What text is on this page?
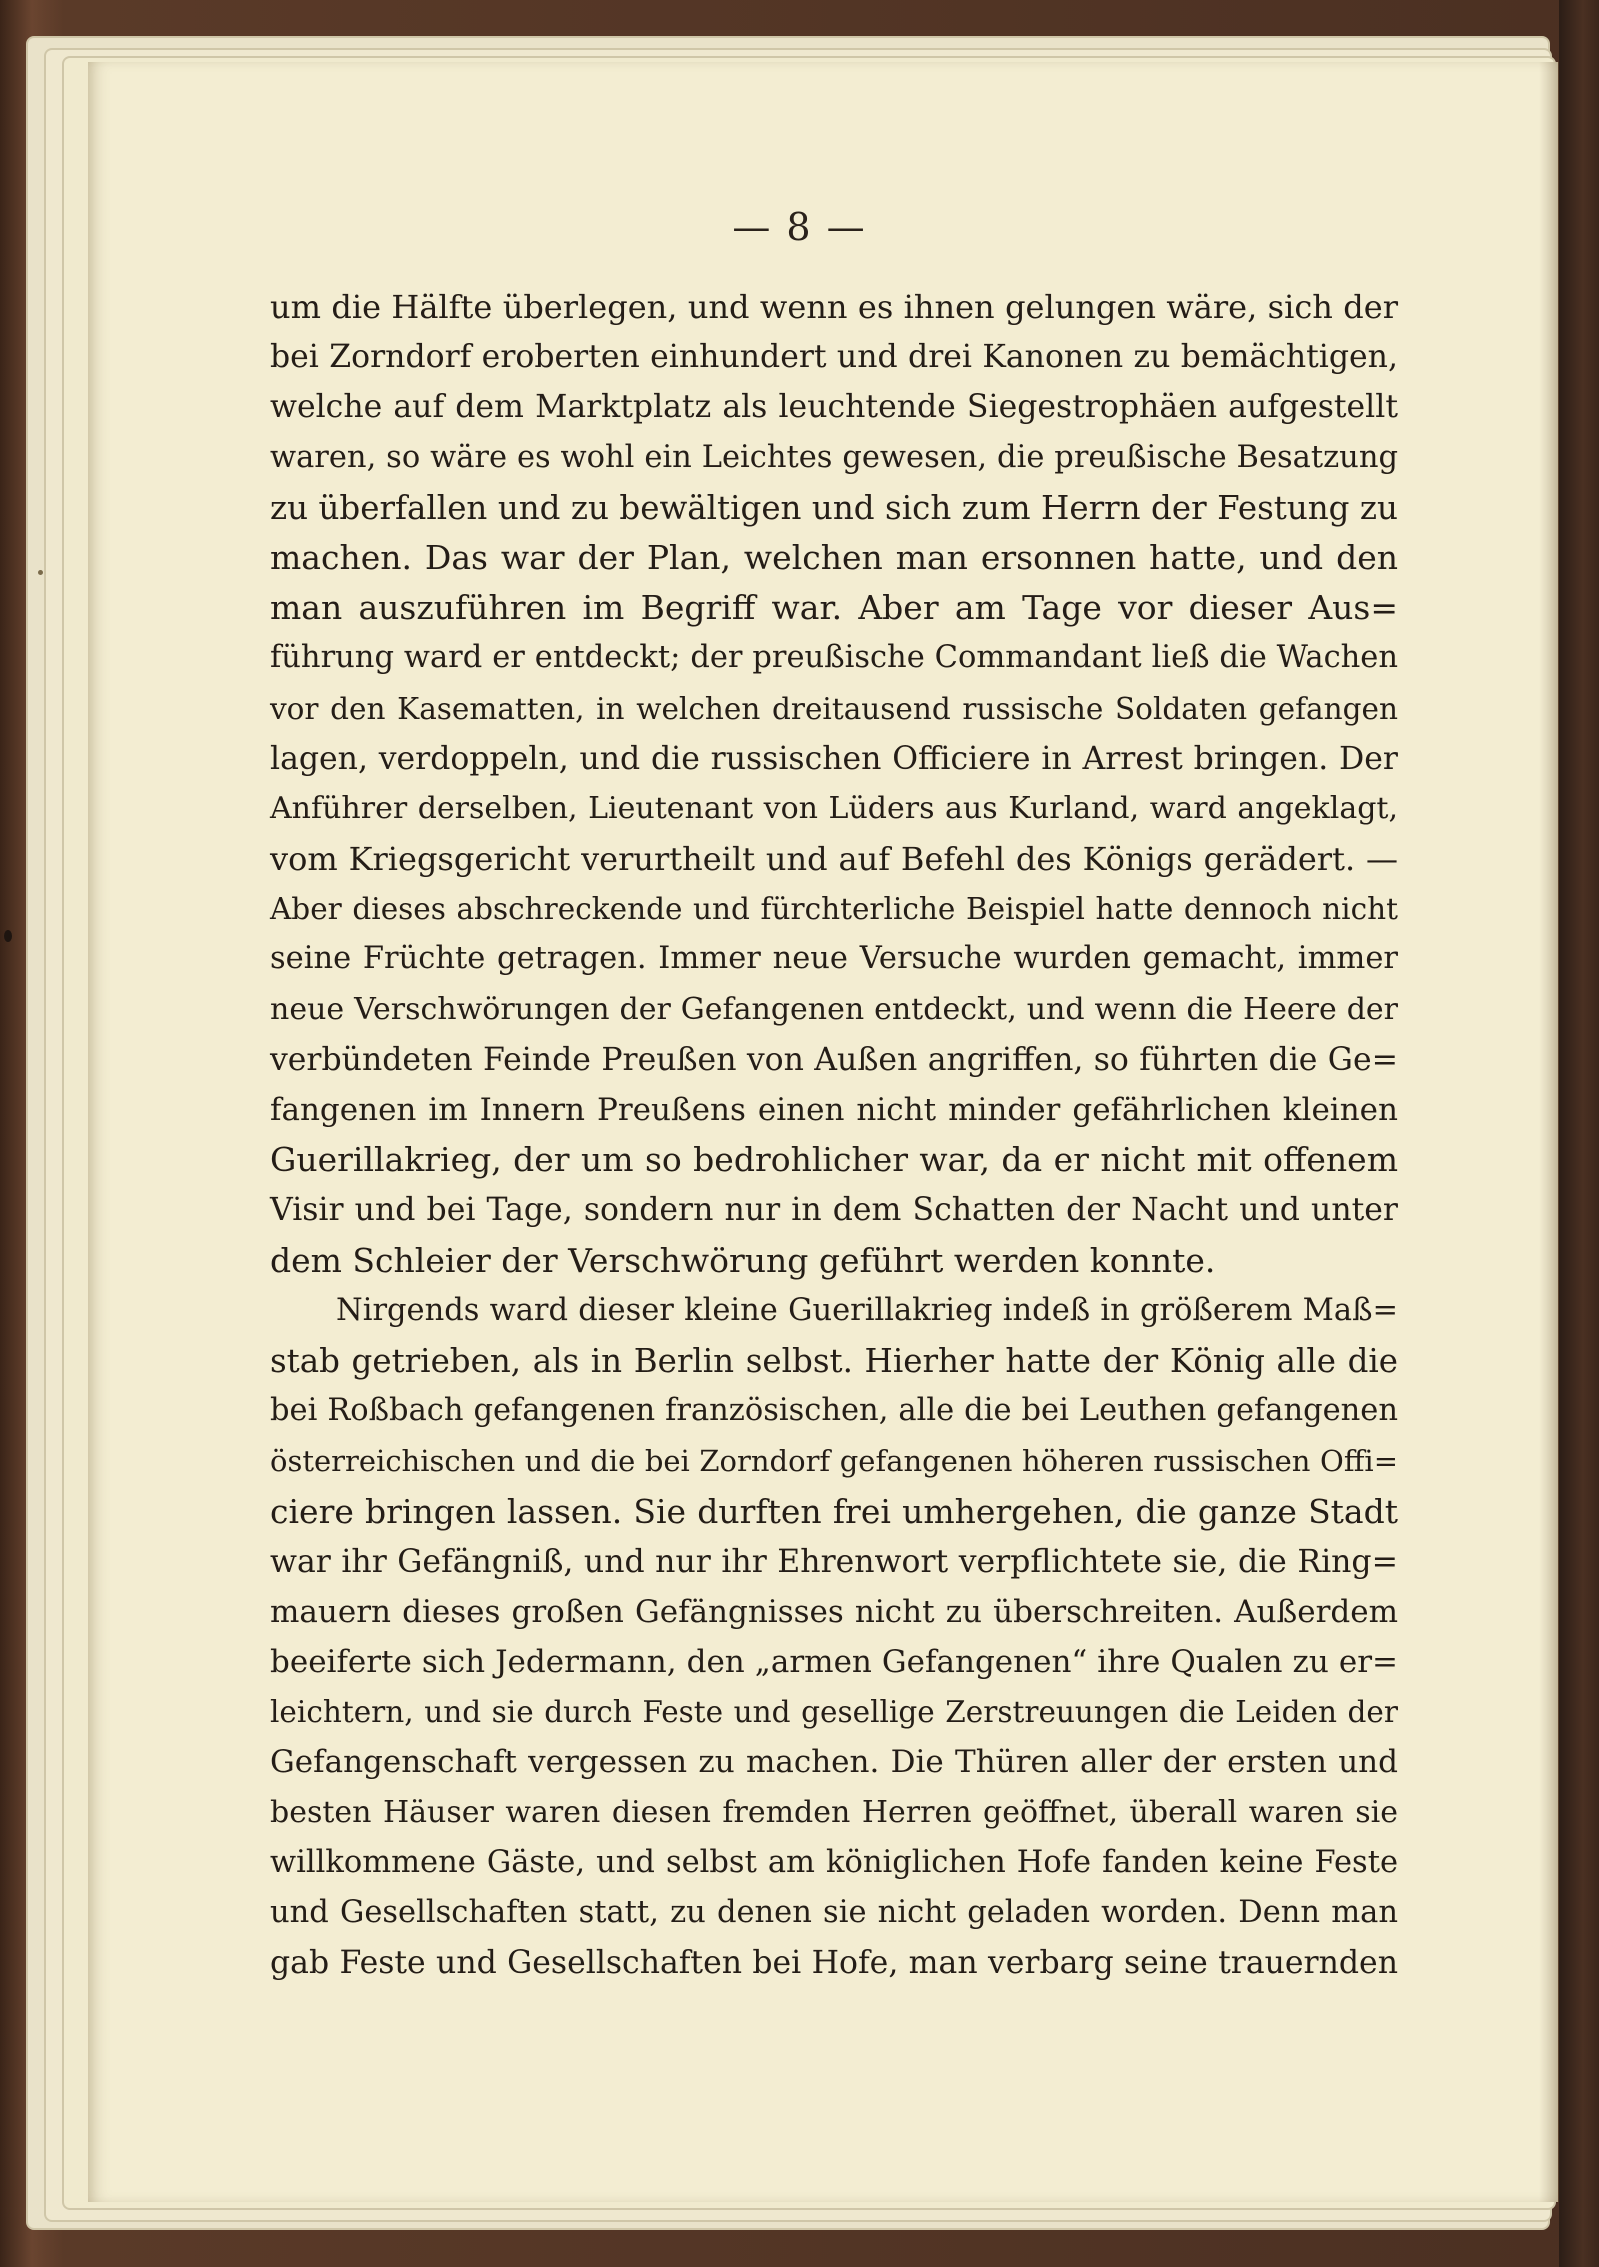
— 8 —
um die Hälfte überlegen, und wenn es ihnen gelungen wäre, sich der
bei Zorndorf eroberten einhundert und drei Kanonen zu bemächtigen,
welche auf dem Marktplatz als leuchtende Siegestrophäen aufgestellt
waren, so wäre es wohl ein Leichtes gewesen, die preußische Besatzung
zu überfallen und zu bewältigen und sich zum Herrn der Festung zu
machen. Das war der Plan, welchen man ersonnen hatte, und den
man auszuführen im Begriff war. Aber am Tage vor dieser Aus=
führung ward er entdeckt; der preußische Commandant ließ die Wachen
vor den Kasematten, in welchen dreitausend russische Soldaten gefangen
lagen, verdoppeln, und die russischen Officiere in Arrest bringen. Der
Anführer derselben, Lieutenant von Lüders aus Kurland, ward angeklagt,
vom Kriegsgericht verurtheilt und auf Befehl des Königs gerädert. —
Aber dieses abschreckende und fürchterliche Beispiel hatte dennoch nicht
seine Früchte getragen. Immer neue Versuche wurden gemacht, immer
neue Verschwörungen der Gefangenen entdeckt, und wenn die Heere der
verbündeten Feinde Preußen von Außen angriffen, so führten die Ge=
fangenen im Innern Preußens einen nicht minder gefährlichen kleinen
Guerillakrieg, der um so bedrohlicher war, da er nicht mit offenem
Visir und bei Tage, sondern nur in dem Schatten der Nacht und unter
dem Schleier der Verschwörung geführt werden konnte.
Nirgends ward dieser kleine Guerillakrieg indeß in größerem Maß=
stab getrieben, als in Berlin selbst. Hierher hatte der König alle die
bei Roßbach gefangenen französischen, alle die bei Leuthen gefangenen
österreichischen und die bei Zorndorf gefangenen höheren russischen Offi=
ciere bringen lassen. Sie durften frei umhergehen, die ganze Stadt
war ihr Gefängniß, und nur ihr Ehrenwort verpflichtete sie, die Ring=
mauern dieses großen Gefängnisses nicht zu überschreiten. Außerdem
beeiferte sich Jedermann, den „armen Gefangenen“ ihre Qualen zu er=
leichtern, und sie durch Feste und gesellige Zerstreuungen die Leiden der
Gefangenschaft vergessen zu machen. Die Thüren aller der ersten und
besten Häuser waren diesen fremden Herren geöffnet, überall waren sie
willkommene Gäste, und selbst am königlichen Hofe fanden keine Feste
und Gesellschaften statt, zu denen sie nicht geladen worden. Denn man
gab Feste und Gesellschaften bei Hofe, man verbarg seine trauernden
